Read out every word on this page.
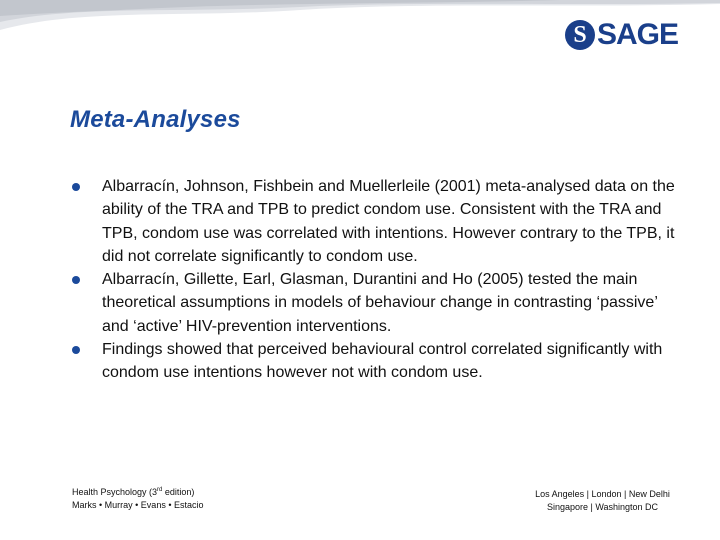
S SAGE
Meta-Analyses
Albarracín, Johnson, Fishbein and Muellerleile (2001) meta-analysed data on the ability of the TRA and TPB to predict condom use. Consistent with the TRA and TPB, condom use was correlated with intentions. However contrary to the TPB, it did not correlate significantly to condom use.
Albarracín, Gillette, Earl, Glasman, Durantini and Ho (2005) tested the main theoretical assumptions in models of behaviour change in contrasting ‘passive’ and ‘active’ HIV-prevention interventions.
Findings showed that perceived behavioural control correlated significantly with condom use intentions however not with condom use.
Health Psychology (3rd edition)
Marks • Murray • Evans • Estacio
Los Angeles | London | New Delhi
Singapore | Washington DC
